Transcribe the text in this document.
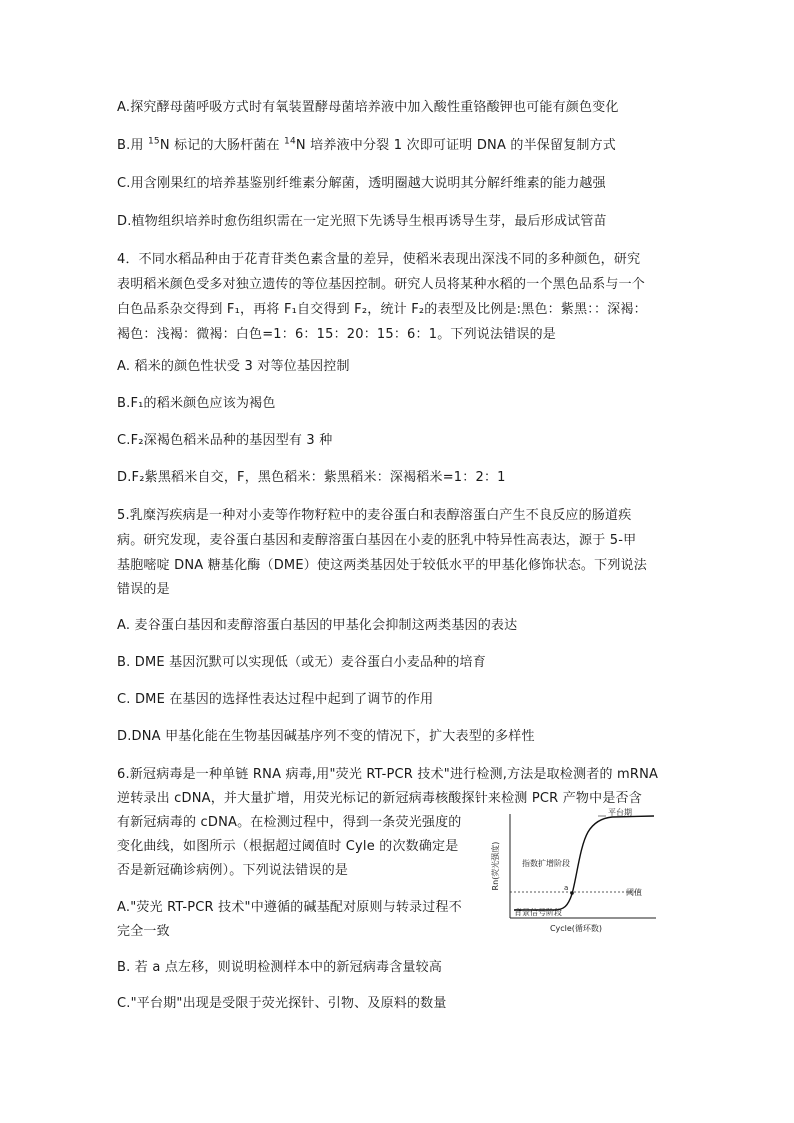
A.探究酵母菌呼吸方式时有氧装置酵母菌培养液中加入酸性重铬酸钾也可能有颜色变化
B.用 $^{15}$N 标记的大肠杆菌在 $^{14}$N 培养液中分裂 1 次即可证明 DNA 的半保留复制方式
C.用含刚果红的培养基鉴别纤维素分解菌，透明圈越大说明其分解纤维素的能力越强
D.植物组织培养时愈伤组织需在一定光照下先诱导生根再诱导生芽，最后形成试管苗
4．不同水稻品种由于花青苷类色素含量的差异，使稻米表现出深浅不同的多种颜色，研究
表明稻米颜色受多对独立遗传的等位基因控制。研究人员将某种水稻的一个黑色品系与一个
白色品系杂交得到 F₁，再将 F₁自交得到 F₂，统计 F₂的表型及比例是:黑色：紫黑：：深褐：
褐色：浅褐：微褐：白色=1：6：15：20：15：6：1。下列说法错误的是
A. 稻米的颜色性状受 3 对等位基因控制
B.F₁的稻米颜色应该为褐色
C.F₂深褐色稻米品种的基因型有 3 种
D.F₂紫黑稻米自交，F，黑色稻米：紫黑稻米：深褐稻米=1：2：1
5.乳糜泻疾病是一种对小麦等作物籽粒中的麦谷蛋白和表醇溶蛋白产生不良反应的肠道疾
病。研究发现，麦谷蛋白基因和麦醇溶蛋白基因在小麦的胚乳中特异性高表达，源于 5-甲
基胞嘧啶 DNA 糖基化酶（DME）使这两类基因处于较低水平的甲基化修饰状态。下列说法
错误的是
A. 麦谷蛋白基因和麦醇溶蛋白基因的甲基化会抑制这两类基因的表达
B. DME 基因沉默可以实现低（或无）麦谷蛋白小麦品种的培育
C. DME 在基因的选择性表达过程中起到了调节的作用
D.DNA 甲基化能在生物基因碱基序列不变的情况下，扩大表型的多样性
6.新冠病毒是一种单链 RNA 病毒,用"荧光 RT-PCR 技术"进行检测,方法是取检测者的 mRNA
逆转录出 cDNA，并大量扩增，用荧光标记的新冠病毒核酸探针来检测 PCR 产物中是否含
有新冠病毒的 cDNA。在检测过程中，得到一条荧光强度的
变化曲线，如图所示（根据超过阈值时 Cyle 的次数确定是
否是新冠确诊病例）。下列说法错误的是
A."荧光 RT-PCR 技术"中遵循的碱基配对原则与转录过程不
完全一致
B. 若 a 点左移，则说明检测样本中的新冠病毒含量较高
C."平台期"出现是受限于荧光探针、引物、及原料的数量
Rn(荧光强度)
Cycle(循环数)
阈值
a
平台期
指数扩增阶段
背景信号阶段
